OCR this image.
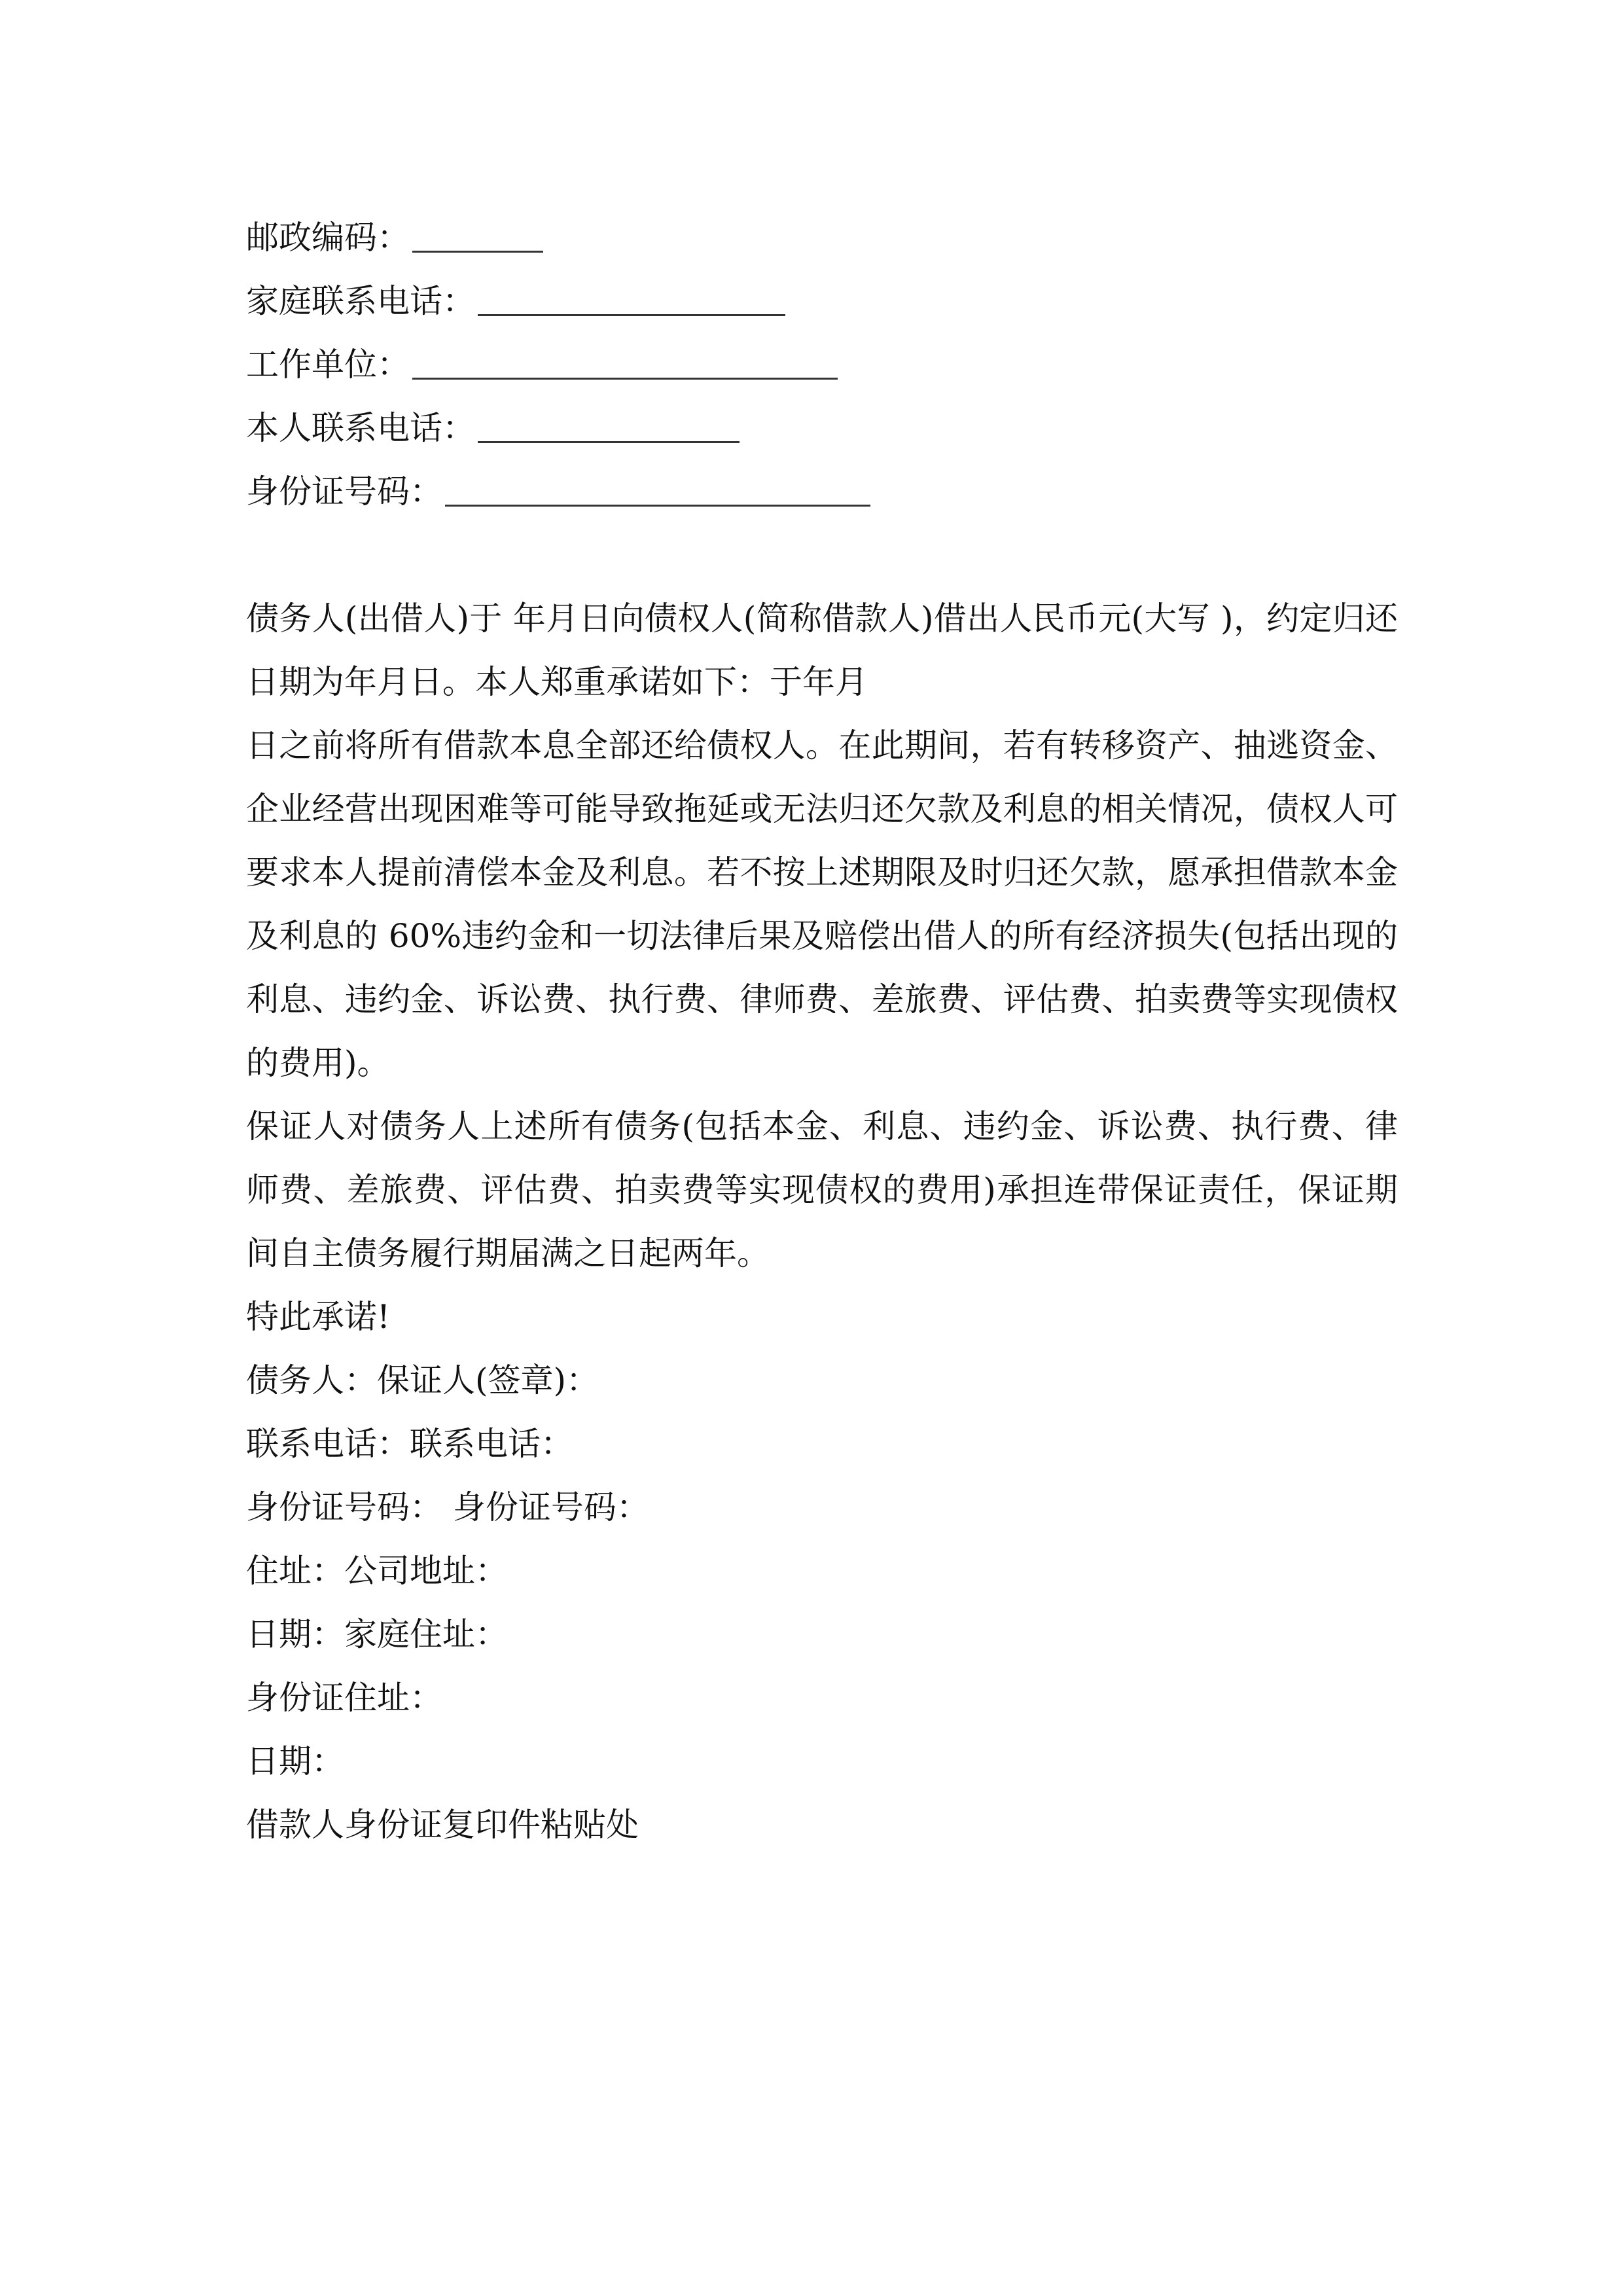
邮政编码：
家庭联系电话：
工作单位：
本人联系电话：
身份证号码：

债务人(出借人)于 年月日向债权人(简称借款人)借出人民币元(大写 )，约定归还日期为年月日。本人郑重承诺如下：于年月

日之前将所有借款本息全部还给债权人。在此期间，若有转移资产、抽逃资金、企业经营出现困难等可能导致拖延或无法归还欠款及利息的相关情况，债权人可要求本人提前清偿本金及利息。若不按上述期限及时归还欠款，愿承担借款本金及利息的 60%违约金和一切法律后果及赔偿出借人的所有经济损失(包括出现的利息、违约金、诉讼费、执行费、律师费、差旅费、评估费、拍卖费等实现债权的费用)。

保证人对债务人上述所有债务(包括本金、利息、违约金、诉讼费、执行费、律师费、差旅费、评估费、拍卖费等实现债权的费用)承担连带保证责任，保证期间自主债务履行期届满之日起两年。

特此承诺!

债务人：保证人(签章)：
联系电话：联系电话：
身份证号码： 身份证号码：
住址：公司地址：
日期：家庭住址：
身份证住址：
日期：
借款人身份证复印件粘贴处
